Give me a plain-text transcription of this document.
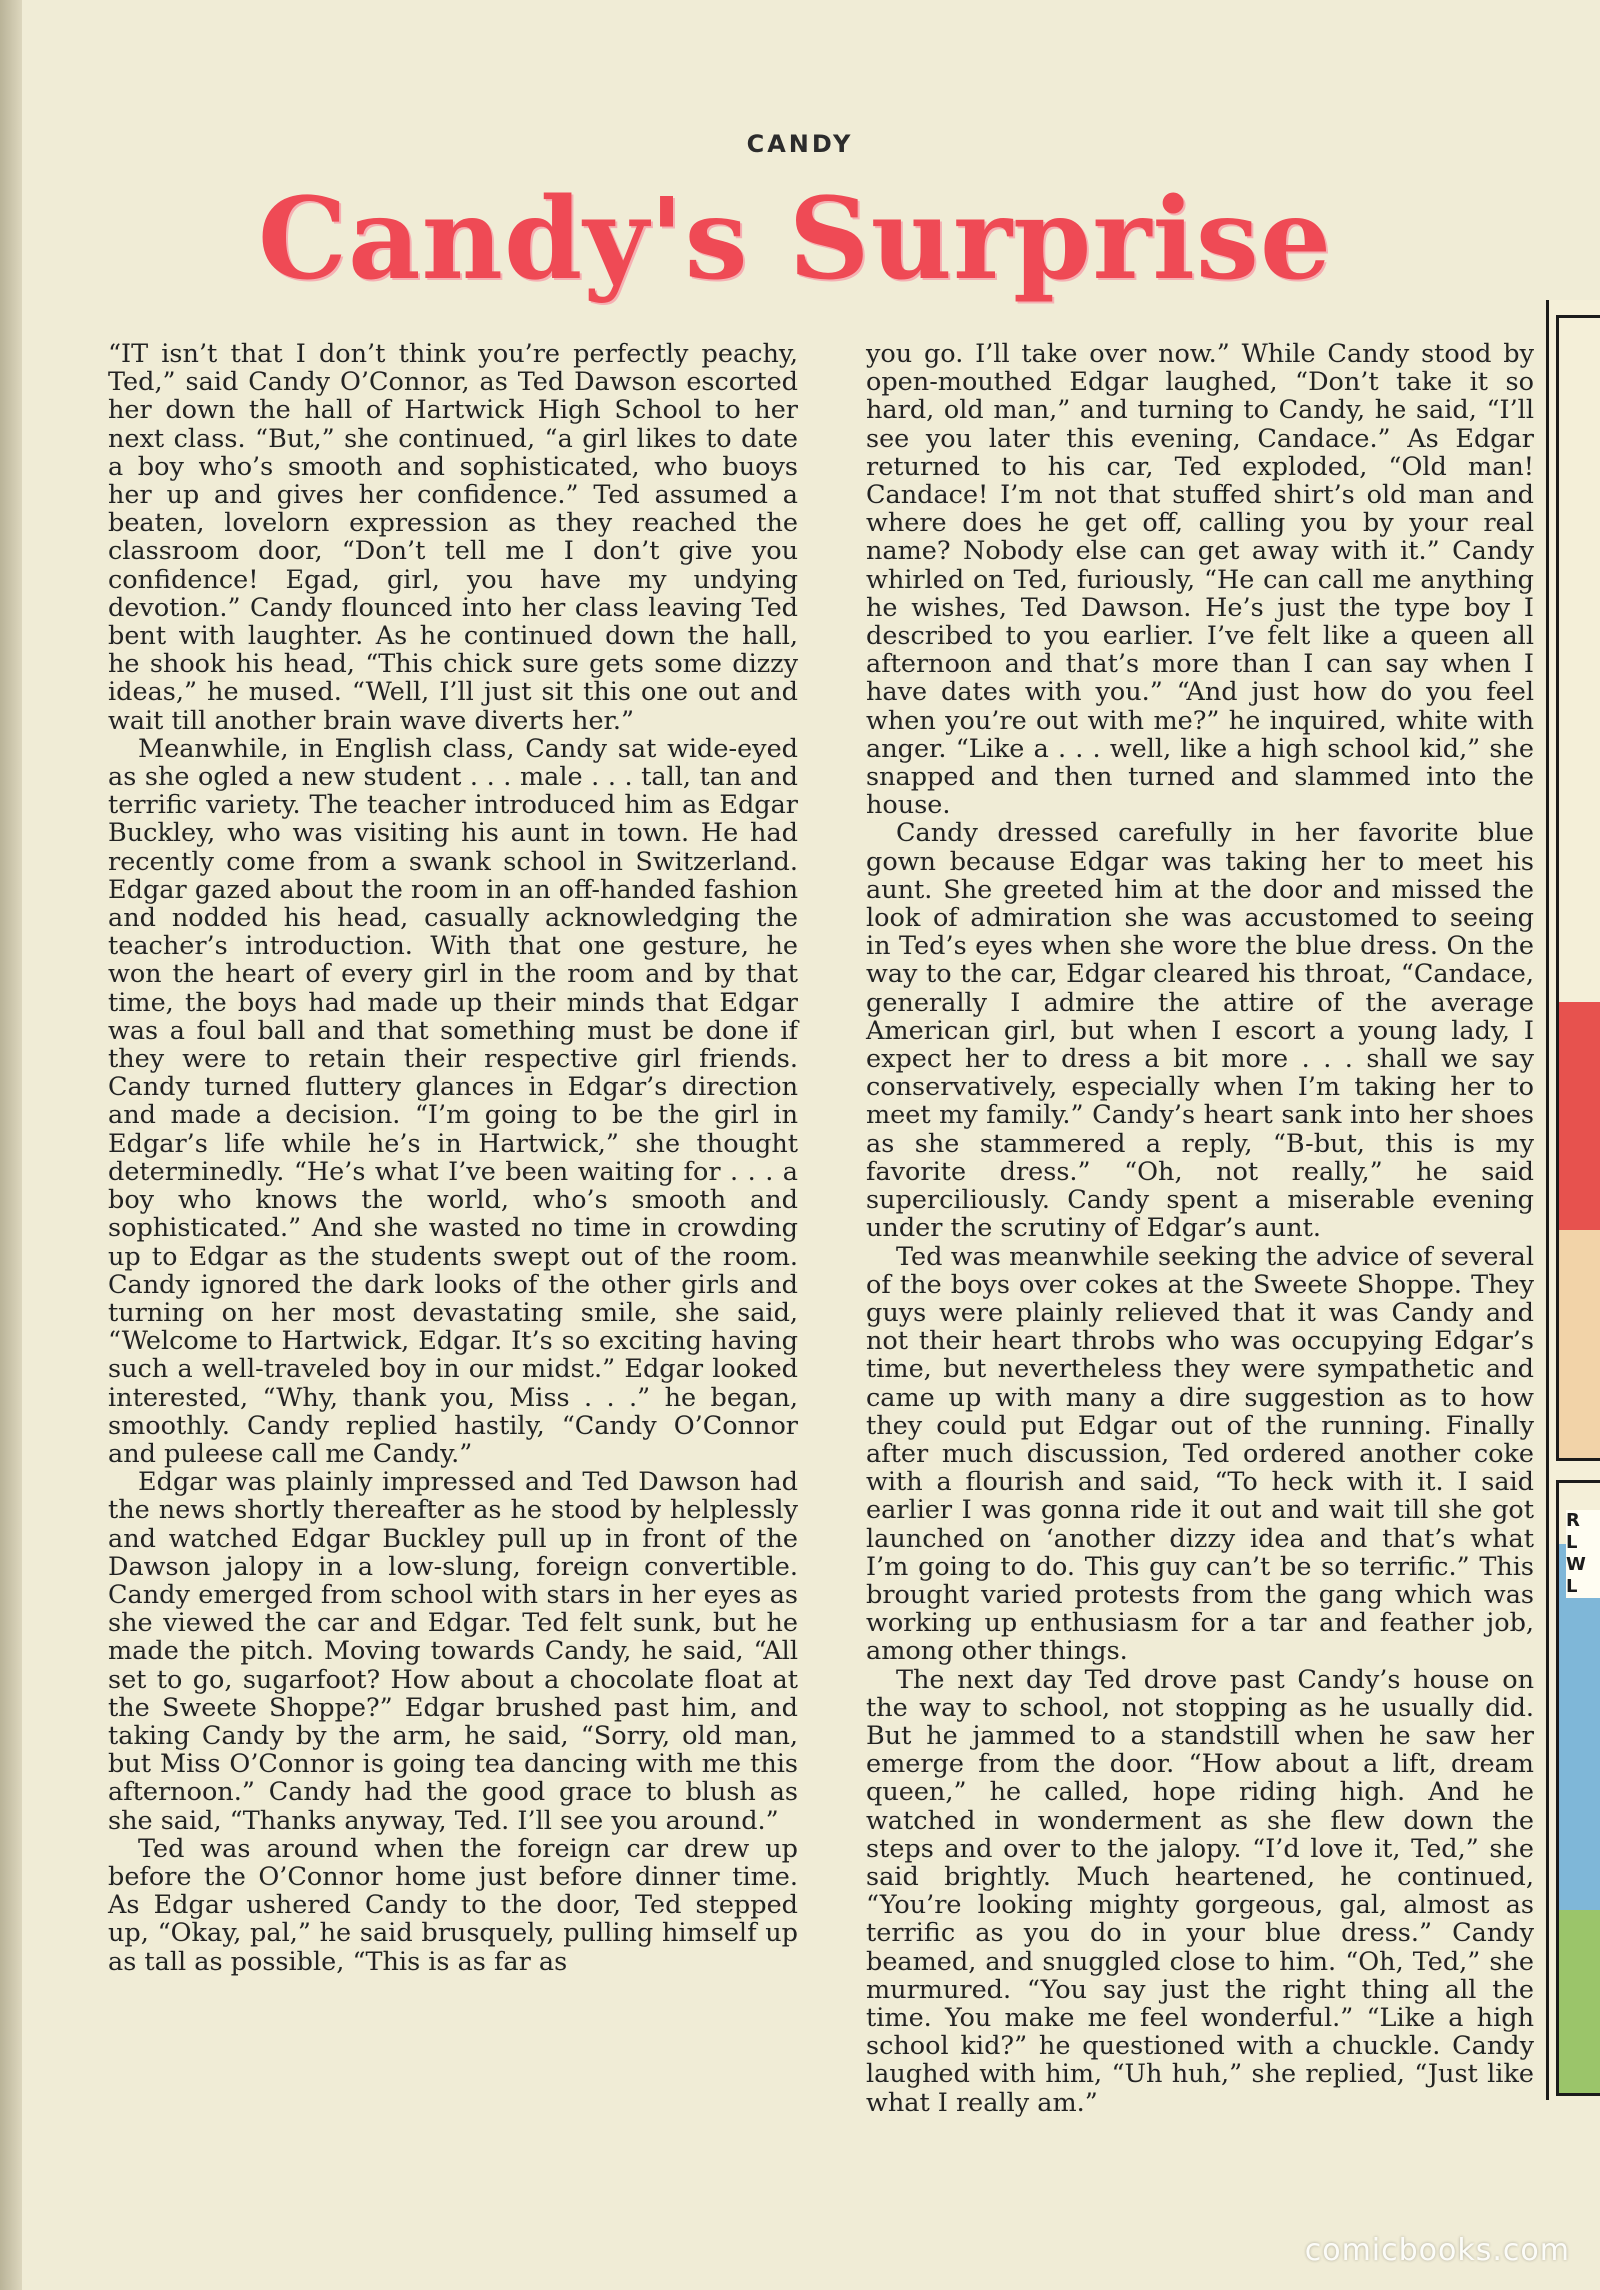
CANDY
Candy's Surprise

“IT isn’t that I don’t think you’re perfectly peachy, Ted,” said Candy O’Connor, as Ted Dawson escorted her down the hall of Hartwick High School to her next class. “But,” she continued, “a girl likes to date a boy who’s smooth and sophisticated, who buoys her up and gives her confidence.” Ted assumed a beaten, lovelorn expression as they reached the classroom door, “Don’t tell me I don’t give you confidence! Egad, girl, you have my undying devotion.” Candy flounced into her class leaving Ted bent with laughter. As he continued down the hall, he shook his head, “This chick sure gets some dizzy ideas,” he mused. “Well, I’ll just sit this one out and wait till another brain wave diverts her.”

Meanwhile, in English class, Candy sat wide-eyed as she ogled a new student . . . male . . . tall, tan and terrific variety. The teacher introduced him as Edgar Buckley, who was visiting his aunt in town. He had recently come from a swank school in Switzerland. Edgar gazed about the room in an off-handed fashion and nodded his head, casually acknowledging the teacher’s introduction. With that one gesture, he won the heart of every girl in the room and by that time, the boys had made up their minds that Edgar was a foul ball and that something must be done if they were to retain their respective girl friends. Candy turned fluttery glances in Edgar’s direction and made a decision. “I’m going to be the girl in Edgar’s life while he’s in Hartwick,” she thought determinedly. “He’s what I’ve been waiting for . . . a boy who knows the world, who’s smooth and sophisticated.” And she wasted no time in crowding up to Edgar as the students swept out of the room. Candy ignored the dark looks of the other girls and turning on her most devastating smile, she said, “Welcome to Hartwick, Edgar. It’s so exciting having such a well-traveled boy in our midst.” Edgar looked interested, “Why, thank you, Miss . . .” he began, smoothly. Candy replied hastily, “Candy O’Connor and puleese call me Candy.”

Edgar was plainly impressed and Ted Dawson had the news shortly thereafter as he stood by helplessly and watched Edgar Buckley pull up in front of the Dawson jalopy in a low-slung, foreign convertible. Candy emerged from school with stars in her eyes as she viewed the car and Edgar. Ted felt sunk, but he made the pitch. Moving towards Candy, he said, “All set to go, sugarfoot? How about a chocolate float at the Sweete Shoppe?” Edgar brushed past him, and taking Candy by the arm, he said, “Sorry, old man, but Miss O’Connor is going tea dancing with me this afternoon.” Candy had the good grace to blush as she said, “Thanks anyway, Ted. I’ll see you around.”

Ted was around when the foreign car drew up before the O’Connor home just before dinner time. As Edgar ushered Candy to the door, Ted stepped up, “Okay, pal,” he said brusquely, pulling himself up as tall as possible, “This is as far as

you go. I’ll take over now.” While Candy stood by open-mouthed Edgar laughed, “Don’t take it so hard, old man,” and turning to Candy, he said, “I’ll see you later this evening, Candace.” As Edgar returned to his car, Ted exploded, “Old man! Candace! I’m not that stuffed shirt’s old man and where does he get off, calling you by your real name? Nobody else can get away with it.” Candy whirled on Ted, furiously, “He can call me anything he wishes, Ted Dawson. He’s just the type boy I described to you earlier. I’ve felt like a queen all afternoon and that’s more than I can say when I have dates with you.” “And just how do you feel when you’re out with me?” he inquired, white with anger. “Like a . . . well, like a high school kid,” she snapped and then turned and slammed into the house.

Candy dressed carefully in her favorite blue gown because Edgar was taking her to meet his aunt. She greeted him at the door and missed the look of admiration she was accustomed to seeing in Ted’s eyes when she wore the blue dress. On the way to the car, Edgar cleared his throat, “Candace, generally I admire the attire of the average American girl, but when I escort a young lady, I expect her to dress a bit more . . . shall we say conservatively, especially when I’m taking her to meet my family.” Candy’s heart sank into her shoes as she stammered a reply, “B-but, this is my favorite dress.” “Oh, not really,” he said superciliously. Candy spent a miserable evening under the scrutiny of Edgar’s aunt.

Ted was meanwhile seeking the advice of several of the boys over cokes at the Sweete Shoppe. They guys were plainly relieved that it was Candy and not their heart throbs who was occupying Edgar’s time, but nevertheless they were sympathetic and came up with many a dire suggestion as to how they could put Edgar out of the running. Finally after much discussion, Ted ordered another coke with a flourish and said, “To heck with it. I said earlier I was gonna ride it out and wait till she got launched on ‘another dizzy idea and that’s what I’m going to do. This guy can’t be so terrific.” This brought varied protests from the gang which was working up enthusiasm for a tar and feather job, among other things.

The next day Ted drove past Candy’s house on the way to school, not stopping as he usually did. But he jammed to a standstill when he saw her emerge from the door. “How about a lift, dream queen,” he called, hope riding high. And he watched in wonderment as she flew down the steps and over to the jalopy. “I’d love it, Ted,” she said brightly. Much heartened, he continued, “You’re looking mighty gorgeous, gal, almost as terrific as you do in your blue dress.” Candy beamed, and snuggled close to him. “Oh, Ted,” she murmured. “You say just the right thing all the time. You make me feel wonderful.” “Like a high school kid?” he questioned with a chuckle. Candy laughed with him, “Uh huh,” she replied, “Just like what I really am.”

R
L
W
L
comicbooks.com
